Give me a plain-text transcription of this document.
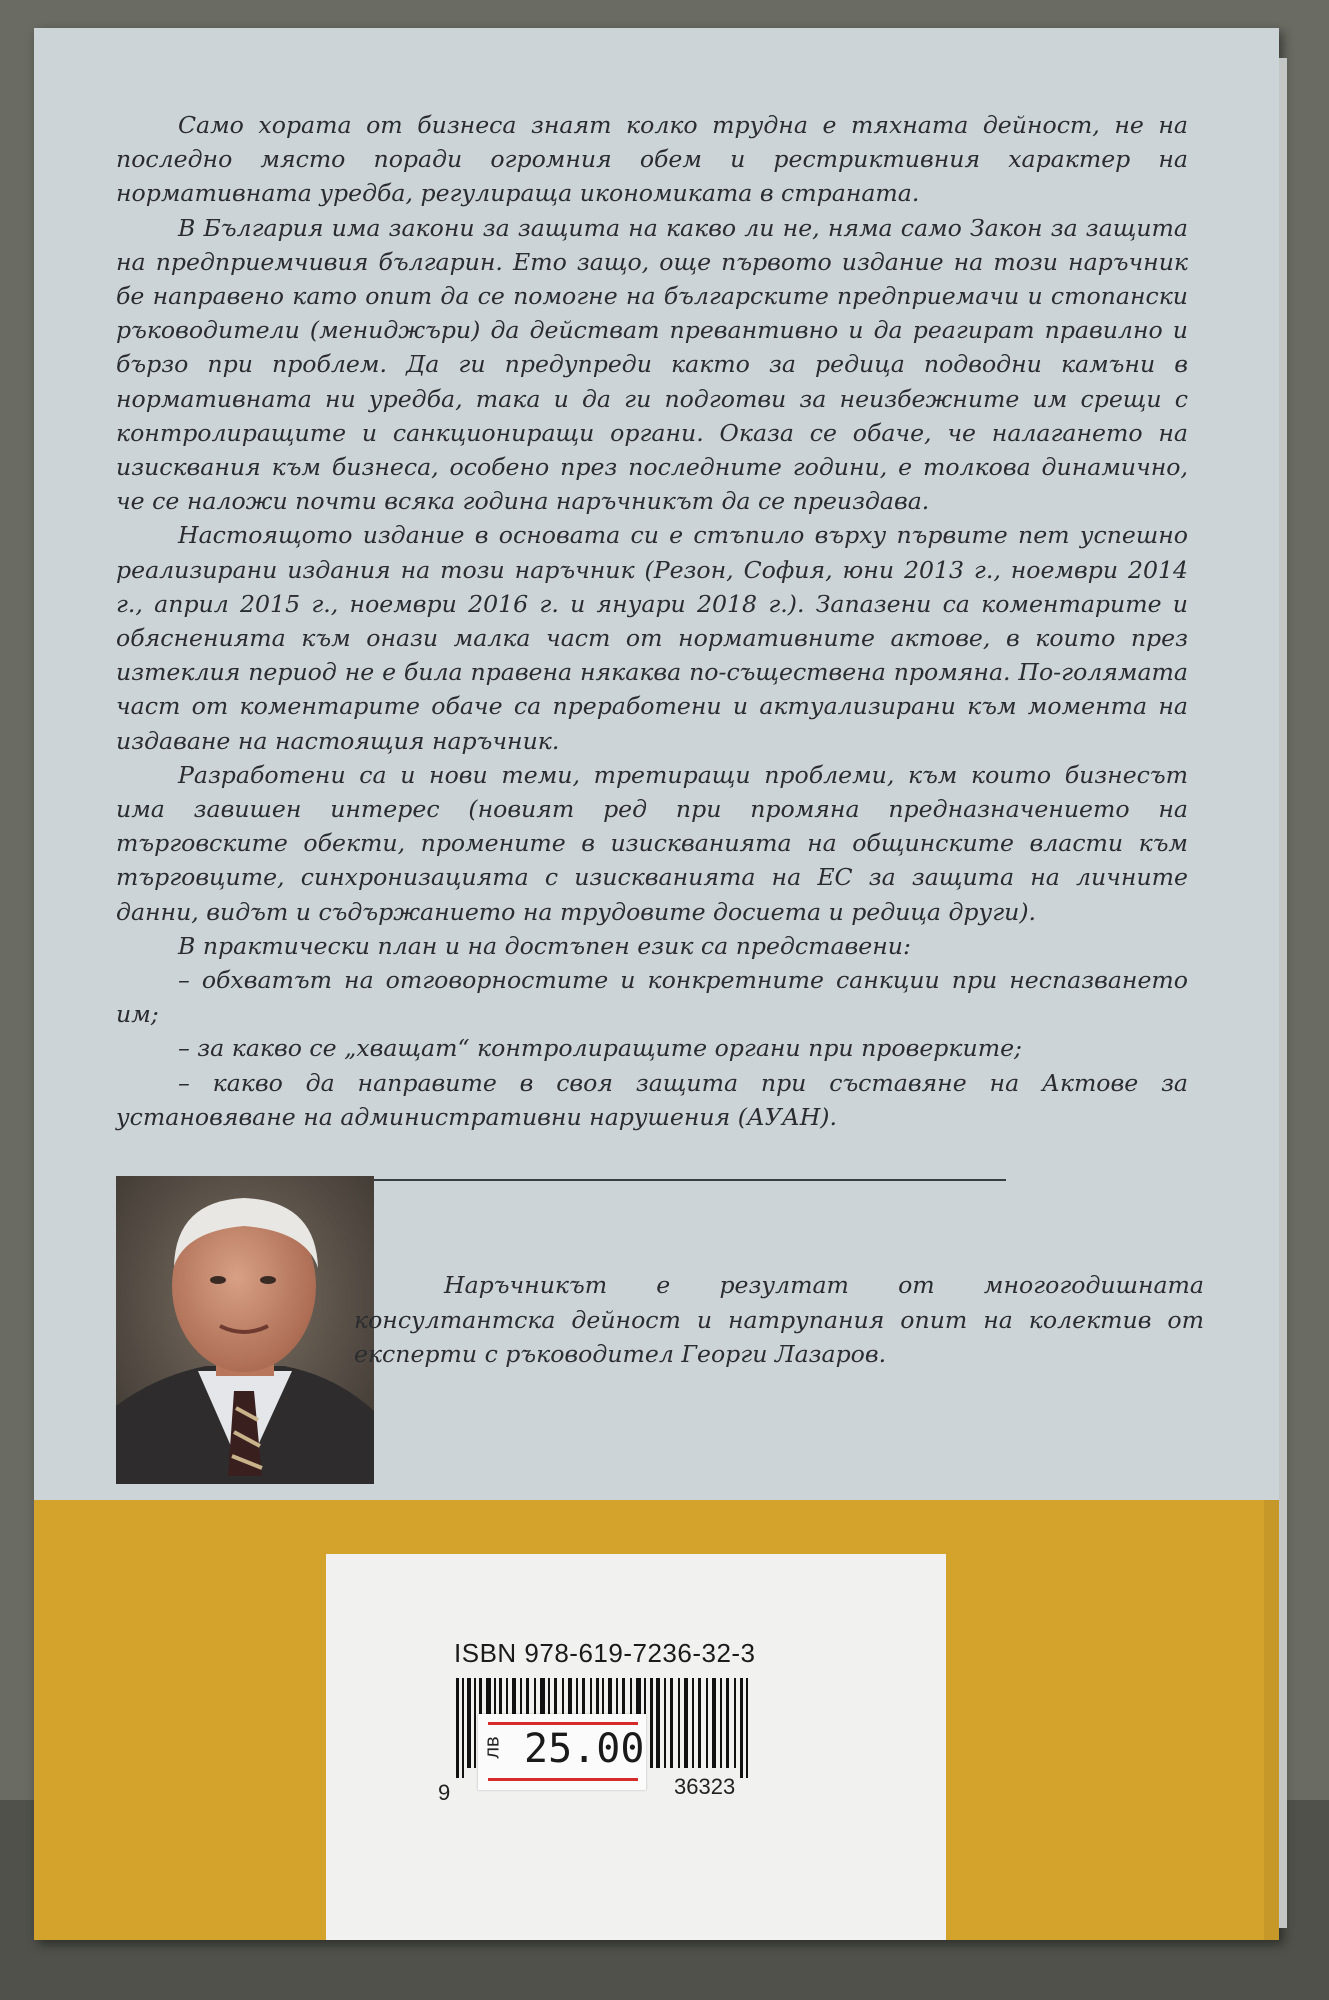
Само хората от бизнеса знаят колко трудна е тяхната дейност, не на последно място поради огромния обем и рестриктивния характер на нормативната уредба, регулираща икономиката в страната.

В България има закони за защита на какво ли не, няма само Закон за защита на предприемчивия българин. Ето защо, още първото издание на този наръчник бе направено като опит да се помогне на българските предприемачи и стопански ръководители (мениджъри) да действат превантивно и да реагират правилно и бързо при проблем. Да ги предупреди както за редица подводни камъни в нормативната ни уредба, така и да ги подготви за неизбежните им срещи с контролиращите и санкциониращи органи. Оказа се обаче, че налагането на изисквания към бизнеса, особено през последните години, е толкова динамично, че се наложи почти всяка година наръчникът да се преиздава.

Настоящото издание в основата си е стъпило върху първите пет успешно реализирани издания на този наръчник (Резон, София, юни 2013 г., ноември 2014 г., април 2015 г., ноември 2016 г. и януари 2018 г.). Запазени са коментарите и обясненията към онази малка част от нормативните актове, в които през изтеклия период не е била правена някаква по-съществена промяна. По-голямата част от коментарите обаче са преработени и актуализирани към момента на издаване на настоящия наръчник.

Разработени са и нови теми, третиращи проблеми, към които бизнесът има завишен интерес (новият ред при промяна предназначението на търговските обекти, промените в изискванията на общинските власти към търговците, синхронизацията с изискванията на ЕС за защита на личните данни, видът и съдържанието на трудовите досиета и редица други).

В практически план и на достъпен език са представени:

– обхватът на отговорностите и конкретните санкции при неспазването им;

– за какво се „хващат“ контролиращите органи при проверките;

– какво да направите в своя защита при съставяне на Актове за установяване на административни нарушения (АУАН).

Наръчникът е резултат от многогодишната консултантска дейност и натрупания опит на колектив от експерти с ръководител Георги Лазаров.
ISBN 978-619-7236-32-3
лв 25.00
9	36323
